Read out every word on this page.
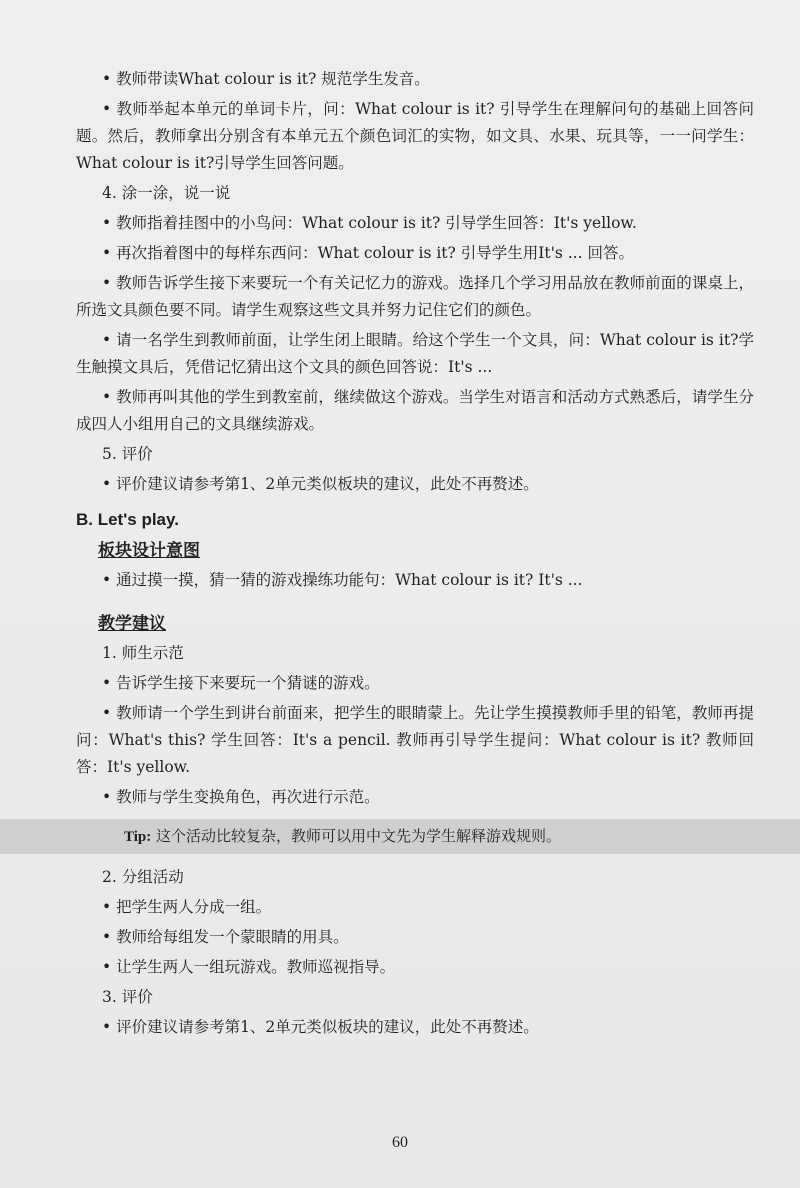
• 教师带读What colour is it? 规范学生发音。

• 教师举起本单元的单词卡片，问：What colour is it? 引导学生在理解问句的基础上回答问题。然后，教师拿出分别含有本单元五个颜色词汇的实物，如文具、水果、玩具等，一一问学生：What colour is it?引导学生回答问题。

4. 涂一涂，说一说

• 教师指着挂图中的小鸟问：What colour is it? 引导学生回答：It's yellow.

• 再次指着图中的每样东西问：What colour is it? 引导学生用It's ... 回答。

• 教师告诉学生接下来要玩一个有关记忆力的游戏。选择几个学习用品放在教师前面的课桌上，所选文具颜色要不同。请学生观察这些文具并努力记住它们的颜色。

• 请一名学生到教师前面，让学生闭上眼睛。给这个学生一个文具，问：What colour is it?学生触摸文具后，凭借记忆猜出这个文具的颜色回答说：It's ...

• 教师再叫其他的学生到教室前，继续做这个游戏。当学生对语言和活动方式熟悉后，请学生分成四人小组用自己的文具继续游戏。

5. 评价

• 评价建议请参考第1、2单元类似板块的建议，此处不再赘述。

B. Let's play.
板块设计意图

• 通过摸一摸，猜一猜的游戏操练功能句：What colour is it? It's ...

教学建议

1. 师生示范

• 告诉学生接下来要玩一个猜谜的游戏。

• 教师请一个学生到讲台前面来，把学生的眼睛蒙上。先让学生摸摸教师手里的铅笔，教师再提问：What's this? 学生回答：It's a pencil. 教师再引导学生提问：What colour is it? 教师回答：It's yellow.

• 教师与学生变换角色，再次进行示范。

Tip: 这个活动比较复杂，教师可以用中文先为学生解释游戏规则。

2. 分组活动

• 把学生两人分成一组。

• 教师给每组发一个蒙眼睛的用具。

• 让学生两人一组玩游戏。教师巡视指导。

3. 评价

• 评价建议请参考第1、2单元类似板块的建议，此处不再赘述。

60
